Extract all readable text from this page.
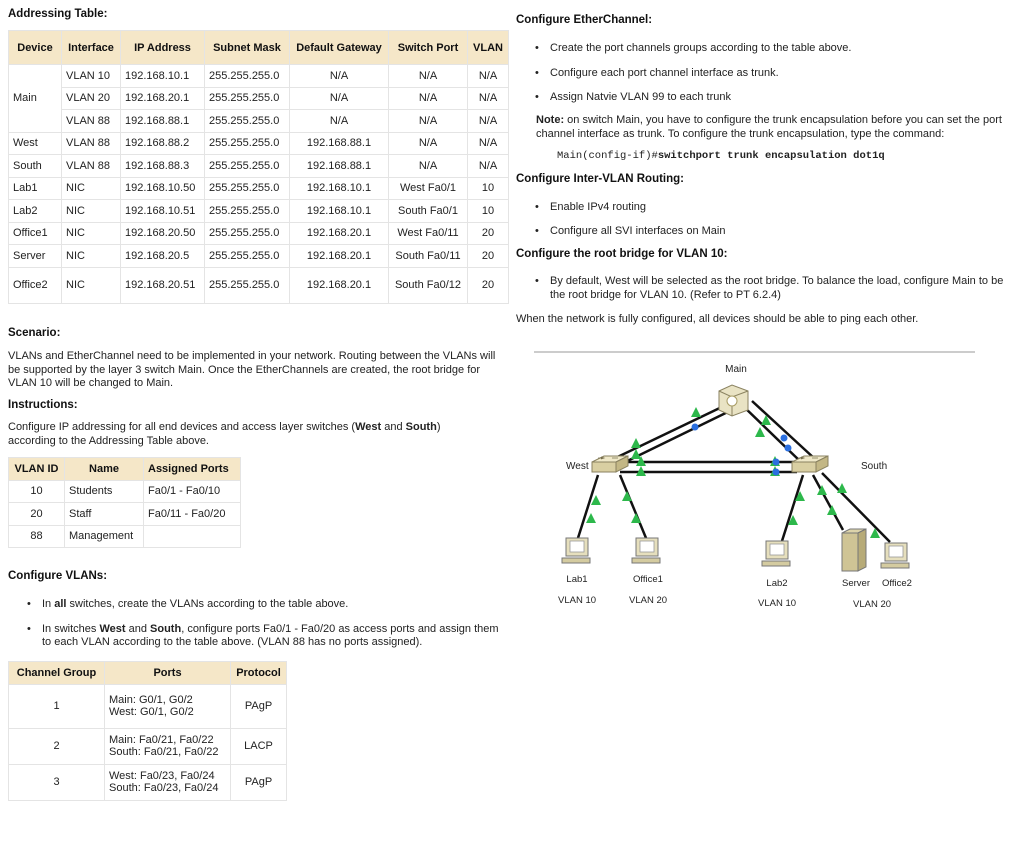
Addressing Table:
Device	Interface	IP Address	Subnet Mask	Default Gateway	Switch Port	VLAN
Main	VLAN 10	192.168.10.1	255.255.255.0	N/A	N/A	N/A
	VLAN 20	192.168.20.1	255.255.255.0	N/A	N/A	N/A
	VLAN 88	192.168.88.1	255.255.255.0	N/A	N/A	N/A
West	VLAN 88	192.168.88.2	255.255.255.0	192.168.88.1	N/A	N/A
South	VLAN 88	192.168.88.3	255.255.255.0	192.168.88.1	N/A	N/A
Lab1	NIC	192.168.10.50	255.255.255.0	192.168.10.1	West Fa0/1	10
Lab2	NIC	192.168.10.51	255.255.255.0	192.168.10.1	South Fa0/1	10
Office1	NIC	192.168.20.50	255.255.255.0	192.168.20.1	West Fa0/11	20
Server	NIC	192.168.20.5	255.255.255.0	192.168.20.1	South Fa0/11	20
Office2	NIC	192.168.20.51	255.255.255.0	192.168.20.1	South Fa0/12	20
Scenario:

VLANs and EtherChannel need to be implemented in your network. Routing between the VLANs will be supported by the layer 3 switch Main. Once the EtherChannels are created, the root bridge for VLAN 10 will be changed to Main.

Instructions:

Configure IP addressing for all end devices and access layer switches (West and South) according to the Addressing Table above.

VLAN ID	Name	Assigned Ports
10	Students	Fa0/1 - Fa0/10
20	Staff	Fa0/11 - Fa0/20
88	Management	
Configure VLANs:
• In all switches, create the VLANs according to the table above.
• In switches West and South, configure ports Fa0/1 - Fa0/20 as access ports and assign them to each VLAN according to the table above. (VLAN 88 has no ports assigned).
Channel Group	Ports	Protocol
1	Main: G0/1, G0/2
West: G0/1, G0/2	PAgP
2	Main: Fa0/21, Fa0/22
South: Fa0/21, Fa0/22	LACP
3	West: Fa0/23, Fa0/24
South: Fa0/23, Fa0/24	PAgP
Configure EtherChannel:
• Create the port channels groups according to the table above.
• Configure each port channel interface as trunk.
• Assign Natvie VLAN 99 to each trunk

Note: on switch Main, you have to configure the trunk encapsulation before you can set the port channel interface as trunk. To configure the trunk encapsulation, type the command:

Main(config-if)#switchport trunk encapsulation dot1q

Configure Inter-VLAN Routing:
• Enable IPv4 routing
• Configure all SVI interfaces on Main
Configure the root bridge for VLAN 10:
• By default, West will be selected as the root bridge. To balance the load, configure Main to be the root bridge for VLAN 10. (Refer to PT 6.2.4)

When the network is fully configured, all devices should be able to ping each other.

Main
West	South
Lab1
VLAN 10
Office1
VLAN 20
Lab2
VLAN 10
Server
VLAN 20
Office2
